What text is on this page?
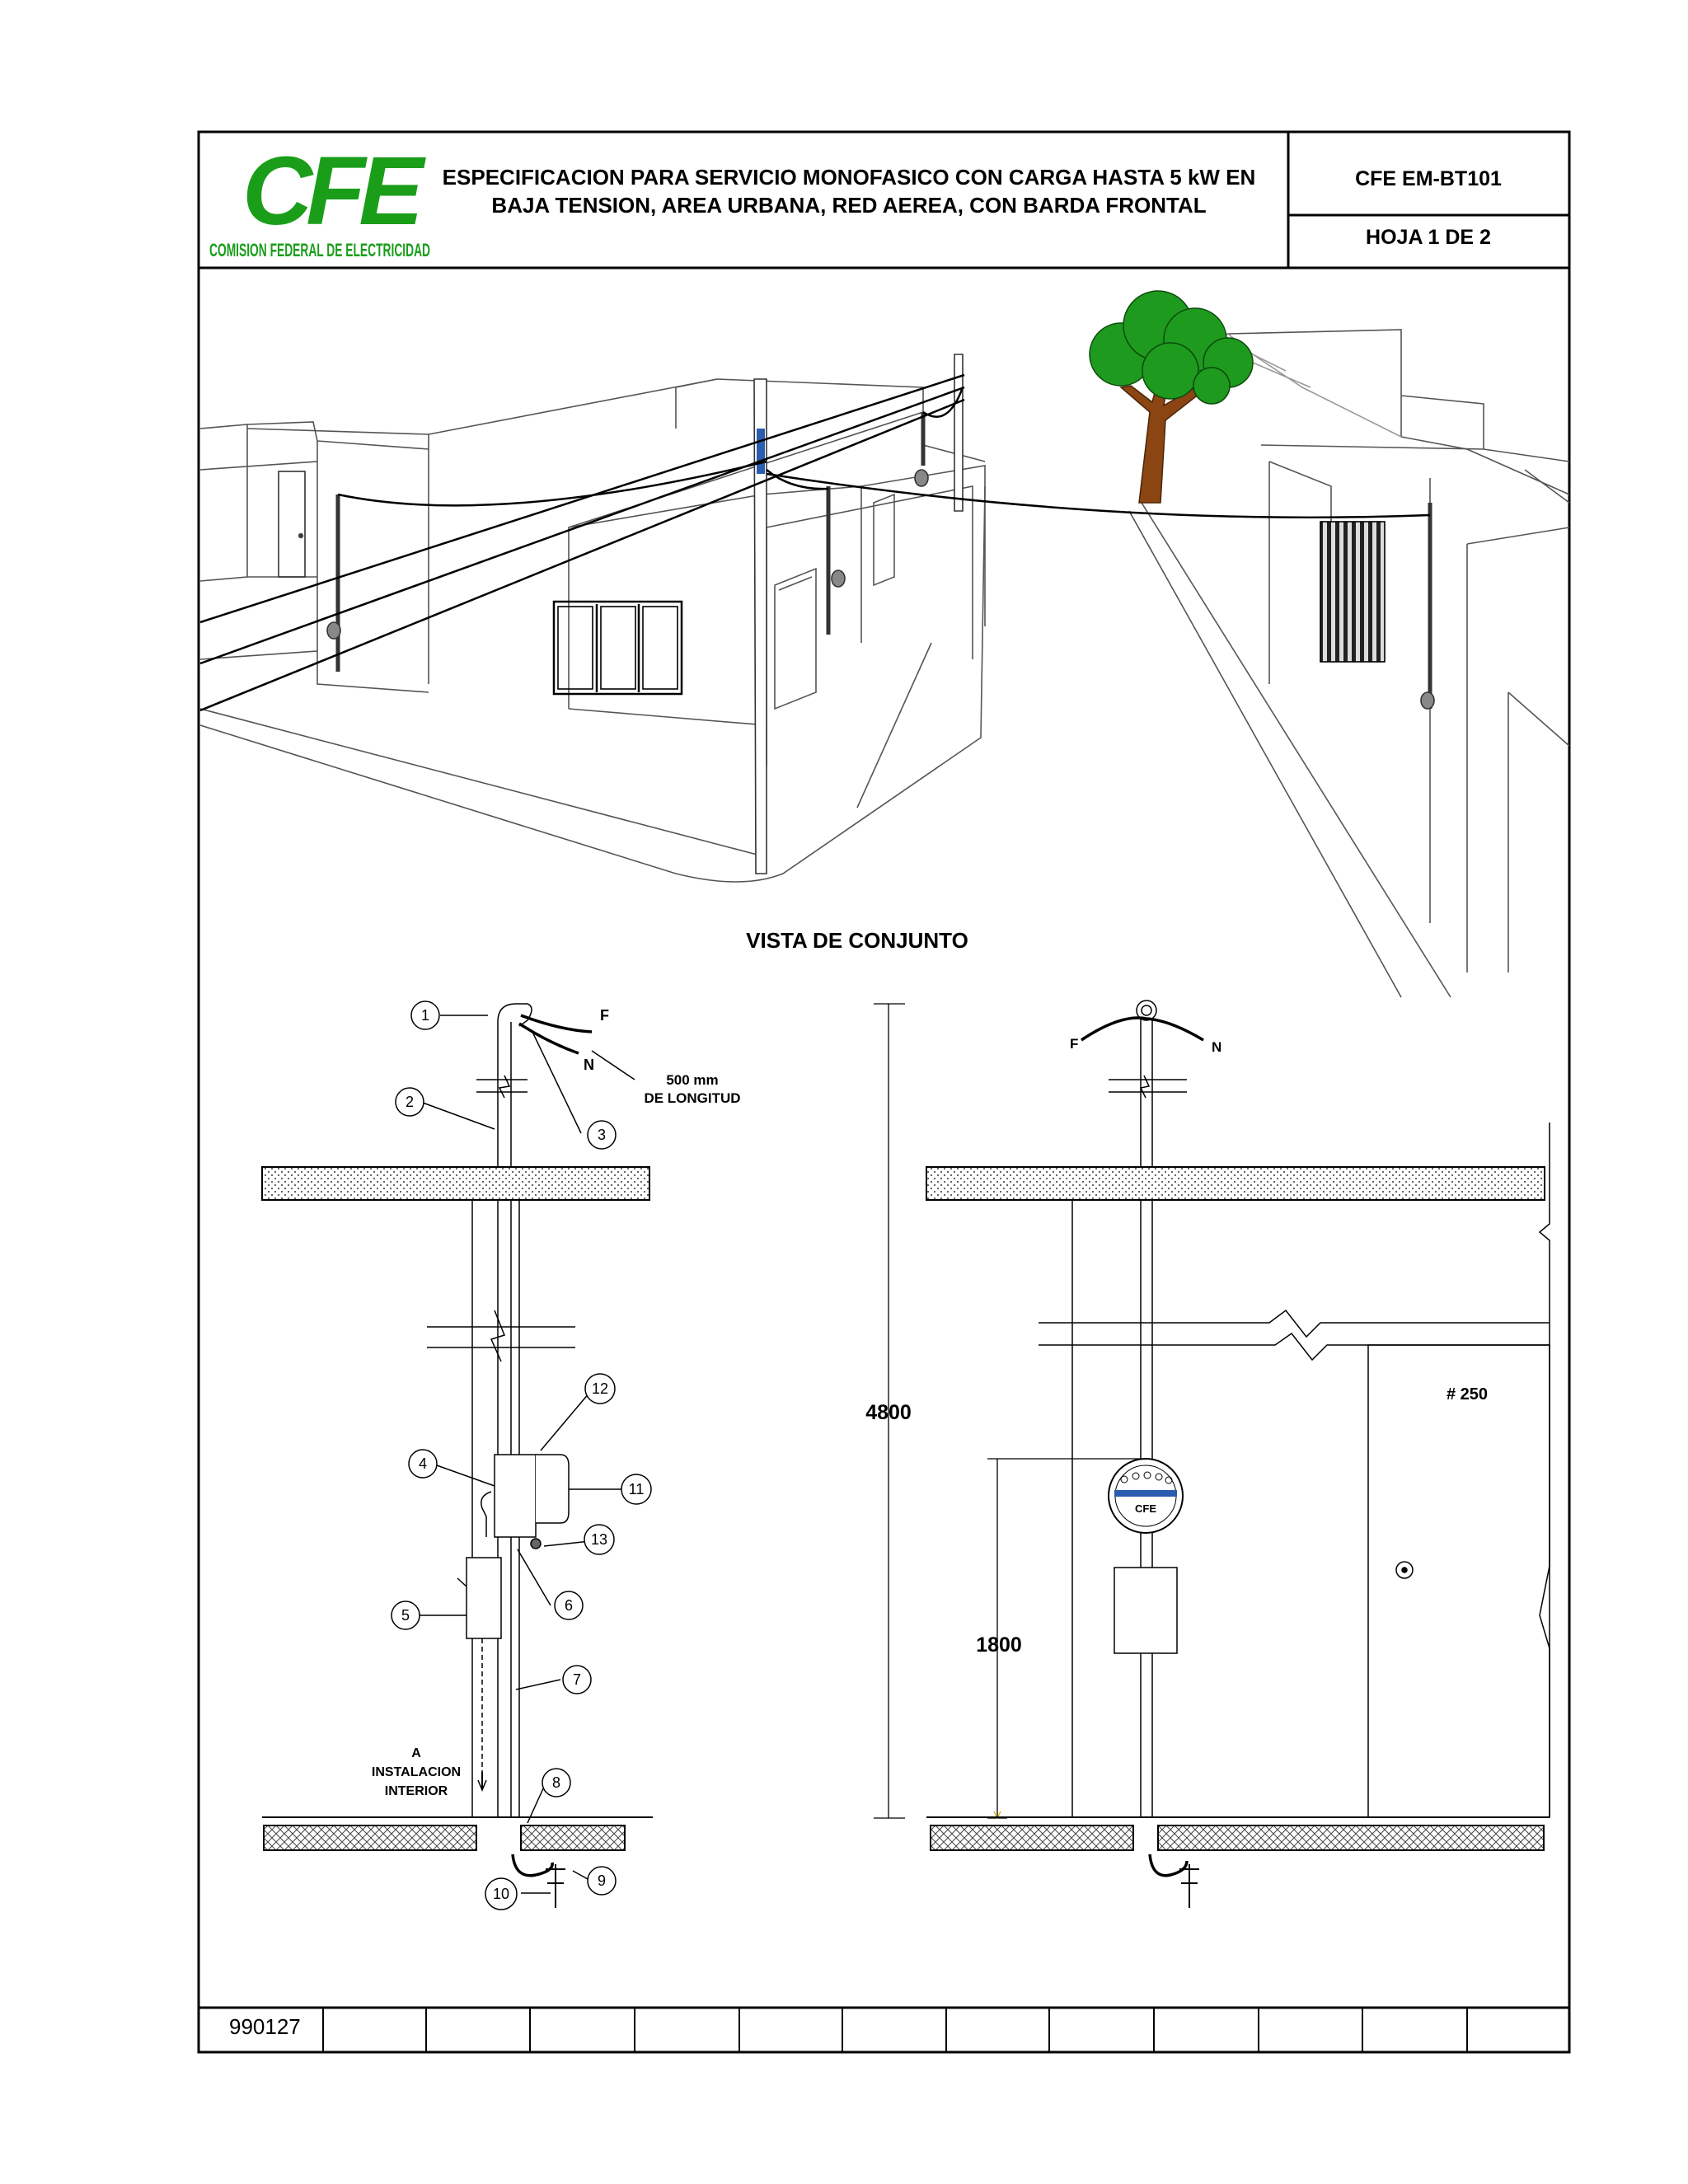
CFE
COMISION FEDERAL DE ELECTRICIDAD
ESPECIFICACION PARA SERVICIO MONOFASICO CON CARGA HASTA 5 kW EN
BAJA TENSION, AREA URBANA, RED AEREA, CON BARDA FRONTAL
CFE EM-BT101
HOJA 1 DE 2
VISTA DE CONJUNTO
F
N
500 mm
DE LONGITUD
A
INSTALACION
INTERIOR
1
2
3
4
5
6
7
8
9
10
11
12
13
4800
1800
CFE
F	N
# 250
990127
